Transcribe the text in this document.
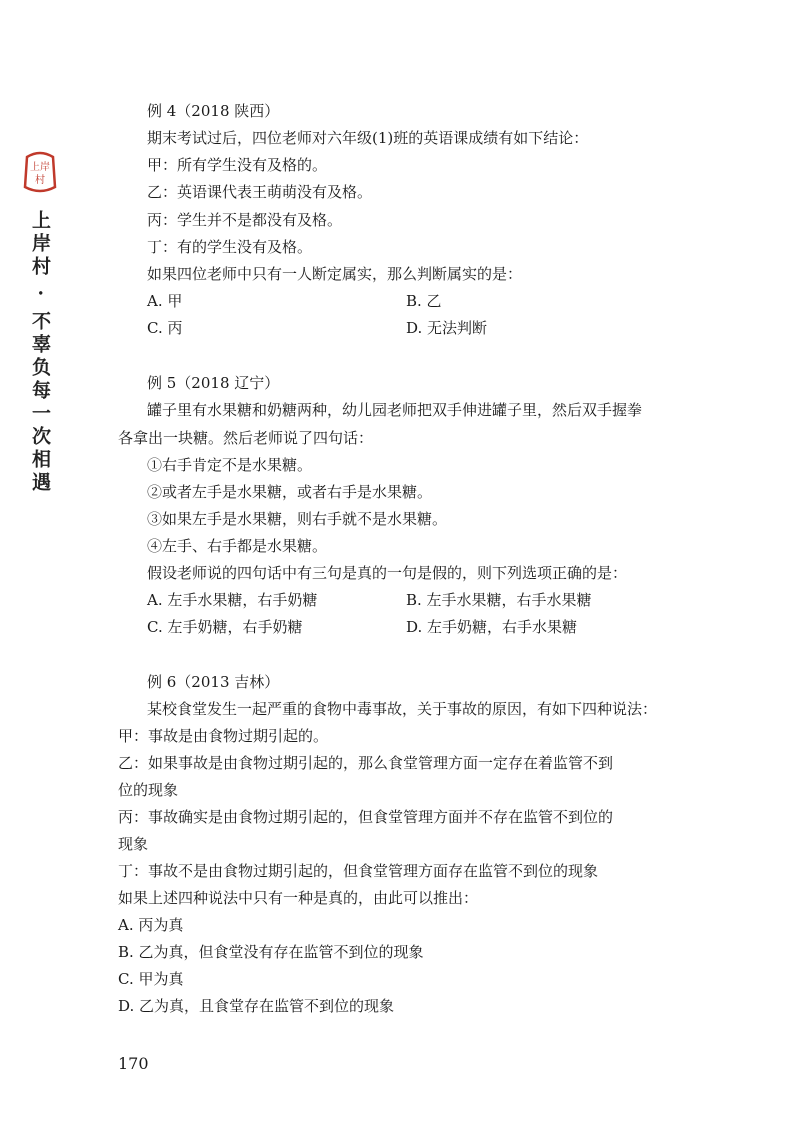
上岸
村
上岸村 · 不辜负每一次相遇
例 4（2018 陕西）
期末考试过后，四位老师对六年级(1)班的英语课成绩有如下结论：
甲：所有学生没有及格的。
乙：英语课代表王萌萌没有及格。
丙：学生并不是都没有及格。
丁：有的学生没有及格。
如果四位老师中只有一人断定属实，那么判断属实的是：
A. 甲	B. 乙
C. 丙	D. 无法判断
例 5（2018 辽宁）
罐子里有水果糖和奶糖两种，幼儿园老师把双手伸进罐子里，然后双手握拳
各拿出一块糖。然后老师说了四句话：
①右手肯定不是水果糖。
②或者左手是水果糖，或者右手是水果糖。
③如果左手是水果糖，则右手就不是水果糖。
④左手、右手都是水果糖。
假设老师说的四句话中有三句是真的一句是假的，则下列选项正确的是：
A. 左手水果糖，右手奶糖	B. 左手水果糖，右手水果糖
C. 左手奶糖，右手奶糖	D. 左手奶糖，右手水果糖
例 6（2013 吉林）
某校食堂发生一起严重的食物中毒事故，关于事故的原因，有如下四种说法：
甲：事故是由食物过期引起的。
乙：如果事故是由食物过期引起的，那么食堂管理方面一定存在着监管不到
位的现象
丙：事故确实是由食物过期引起的，但食堂管理方面并不存在监管不到位的
现象
丁：事故不是由食物过期引起的，但食堂管理方面存在监管不到位的现象
如果上述四种说法中只有一种是真的，由此可以推出：
A. 丙为真
B. 乙为真，但食堂没有存在监管不到位的现象
C. 甲为真
D. 乙为真，且食堂存在监管不到位的现象
170
